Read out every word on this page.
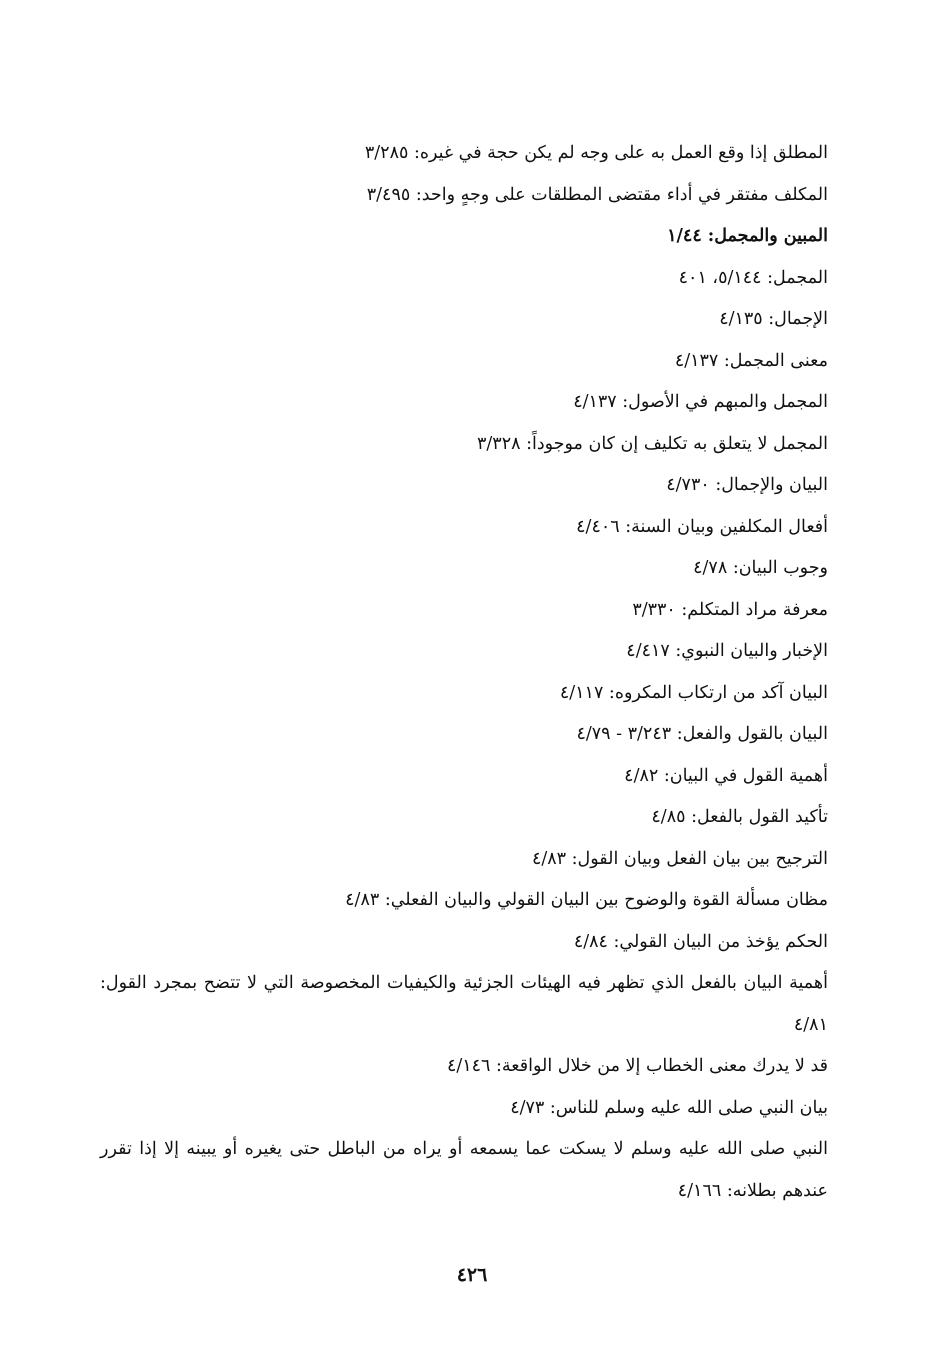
المطلق إذا وقع العمل به على وجه لم يكن حجة في غيره: ٣/٢٨٥

المكلف مفتقر في أداء مقتضى المطلقات على وجهٍ واحد: ٣/٤٩٥

المبين والمجمل: ١/٤٤

المجمل: ٥/١٤٤، ٤٠١

الإجمال: ٤/١٣٥

معنى المجمل: ٤/١٣٧

المجمل والمبهم في الأصول: ٤/١٣٧

المجمل لا يتعلق به تكليف إن كان موجوداً: ٣/٣٢٨

البيان والإجمال: ٤/٧٣٠

أفعال المكلفين وبيان السنة: ٤/٤٠٦

وجوب البيان: ٤/٧٨

معرفة مراد المتكلم: ٣/٣٣٠

الإخبار والبيان النبوي: ٤/٤١٧

البيان آكد من ارتكاب المكروه: ٤/١١٧

البيان بالقول والفعل: ٣/٢٤٣ - ٤/٧٩

أهمية القول في البيان: ٤/٨٢

تأكيد القول بالفعل: ٤/٨٥

الترجيح بين بيان الفعل وبيان القول: ٤/٨٣

مظان مسألة القوة والوضوح بين البيان القولي والبيان الفعلي: ٤/٨٣

الحكم يؤخذ من البيان القولي: ٤/٨٤

أهمية البيان بالفعل الذي تظهر فيه الهيئات الجزئية والكيفيات المخصوصة التي لا تتضح بمجرد القول: ٤/٨١

قد لا يدرك معنى الخطاب إلا من خلال الواقعة: ٤/١٤٦

بيان النبي صلى الله عليه وسلم للناس: ٤/٧٣

النبي صلى الله عليه وسلم لا يسكت عما يسمعه أو يراه من الباطل حتى يغيره أو يبينه إلا إذا تقرر عندهم بطلانه: ٤/١٦٦

٤٢٦
